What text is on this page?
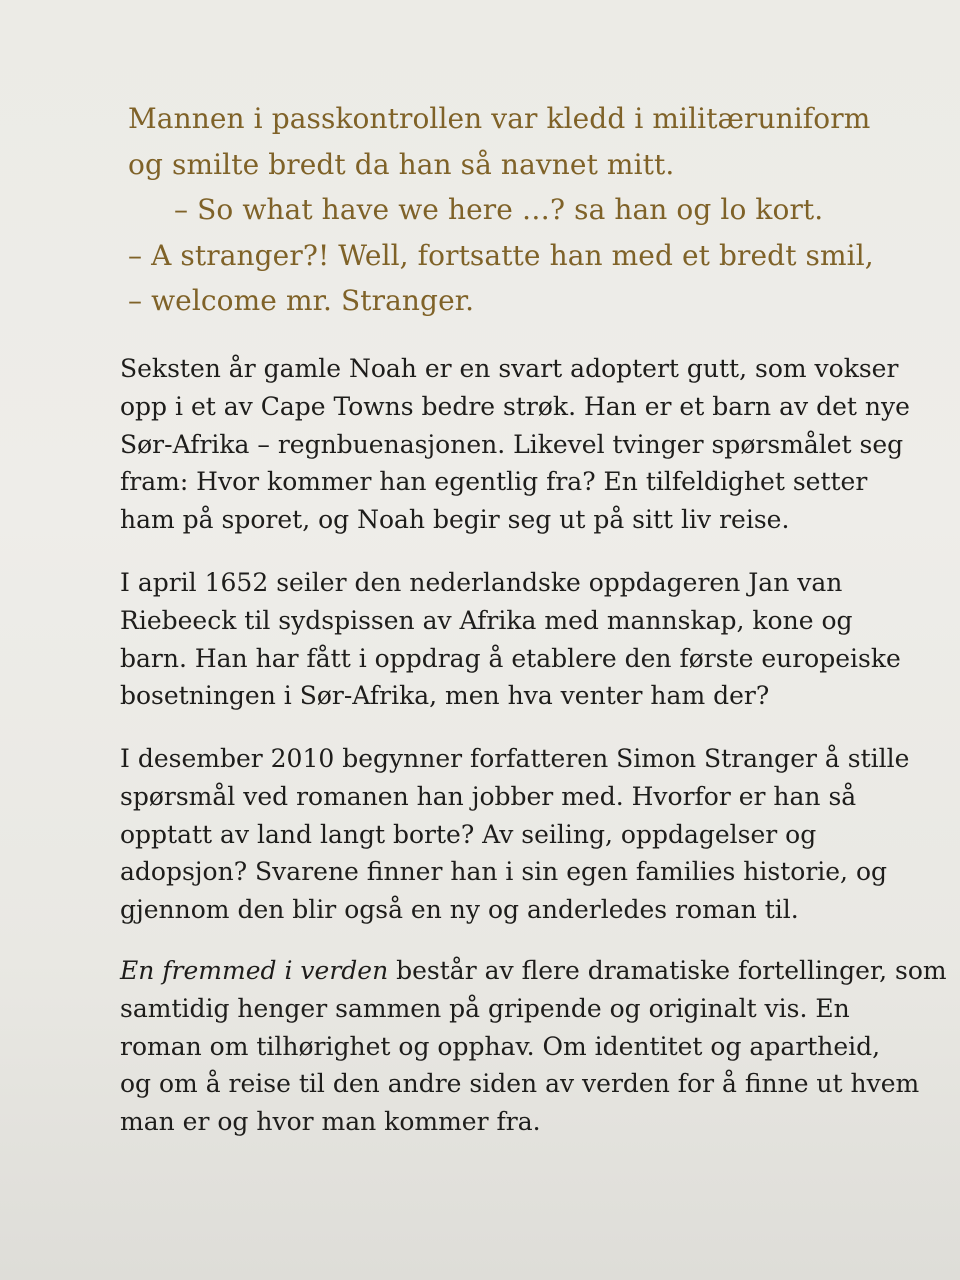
Mannen i passkontrollen var kledd i militæruniform
og smilte bredt da han så navnet mitt.
– So what have we here …? sa han og lo kort.
– A stranger?! Well, fortsatte han med et bredt smil,
– welcome mr. Stranger.
Seksten år gamle Noah er en svart adoptert gutt, som vokser
opp i et av Cape Towns bedre strøk. Han er et barn av det nye
Sør-Afrika – regnbuenasjonen. Likevel tvinger spørsmålet seg
fram: Hvor kommer han egentlig fra? En tilfeldighet setter
ham på sporet, og Noah begir seg ut på sitt liv reise.
I april 1652 seiler den nederlandske oppdageren Jan van
Riebeeck til sydspissen av Afrika med mannskap, kone og
barn. Han har fått i oppdrag å etablere den første europeiske
bosetningen i Sør-Afrika, men hva venter ham der?
I desember 2010 begynner forfatteren Simon Stranger å stille
spørsmål ved romanen han jobber med. Hvorfor er han så
opptatt av land langt borte? Av seiling, oppdagelser og
adopsjon? Svarene finner han i sin egen families historie, og
gjennom den blir også en ny og anderledes roman til.
En fremmed i verden består av flere dramatiske fortellinger, som
samtidig henger sammen på gripende og originalt vis. En
roman om tilhørighet og opphav. Om identitet og apartheid,
og om å reise til den andre siden av verden for å finne ut hvem
man er og hvor man kommer fra.
